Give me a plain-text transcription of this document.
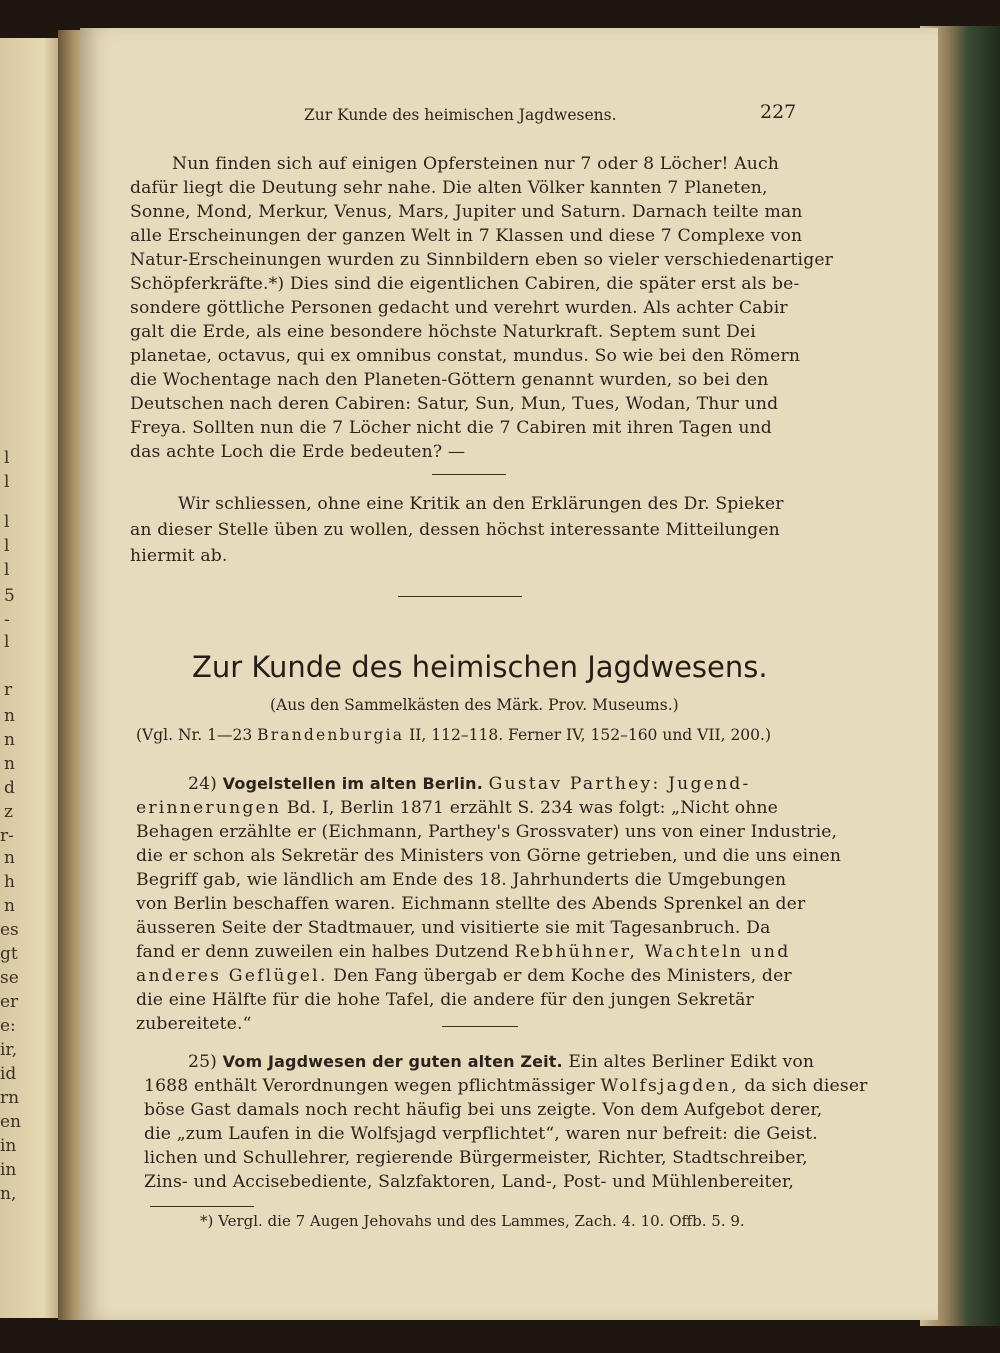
l
l
l
l
l
5
-
l
r
n
n
n
d
z
r-
n
h
n
es
gt
se
er
e:
ir,
id
rn
en
in
in
n,
Zur Kunde des heimischen Jagdwesens.	227
Nun finden sich auf einigen Opfersteinen nur 7 oder 8 Löcher! Auch
dafür liegt die Deutung sehr nahe. Die alten Völker kannten 7 Planeten,
Sonne, Mond, Merkur, Venus, Mars, Jupiter und Saturn. Darnach teilte man
alle Erscheinungen der ganzen Welt in 7 Klassen und diese 7 Complexe von
Natur-Erscheinungen wurden zu Sinnbildern eben so vieler verschiedenartiger
Schöpferkräfte.*) Dies sind die eigentlichen Cabiren, die später erst als be-
sondere göttliche Personen gedacht und verehrt wurden. Als achter Cabir
galt die Erde, als eine besondere höchste Naturkraft. Septem sunt Dei
planetae, octavus, qui ex omnibus constat, mundus. So wie bei den Römern
die Wochentage nach den Planeten-Göttern genannt wurden, so bei den
Deutschen nach deren Cabiren: Satur, Sun, Mun, Tues, Wodan, Thur und
Freya. Sollten nun die 7 Löcher nicht die 7 Cabiren mit ihren Tagen und
das achte Loch die Erde bedeuten? —
Wir schliessen, ohne eine Kritik an den Erklärungen des Dr. Spieker
an dieser Stelle üben zu wollen, dessen höchst interessante Mitteilungen
hiermit ab.
Zur Kunde des heimischen Jagdwesens.
(Aus den Sammelkästen des Märk. Prov. Museums.)
(Vgl. Nr. 1—23 Brandenburgia II, 112–118. Ferner IV, 152–160 und VII, 200.)
24) Vogelstellen im alten Berlin. Gustav Parthey: Jugend-
erinnerungen Bd. I, Berlin 1871 erzählt S. 234 was folgt: „Nicht ohne
Behagen erzählte er (Eichmann, Parthey's Grossvater) uns von einer Industrie,
die er schon als Sekretär des Ministers von Görne getrieben, und die uns einen
Begriff gab, wie ländlich am Ende des 18. Jahrhunderts die Umgebungen
von Berlin beschaffen waren. Eichmann stellte des Abends Sprenkel an der
äusseren Seite der Stadtmauer, und visitierte sie mit Tagesanbruch. Da
fand er denn zuweilen ein halbes Dutzend Rebhühner, Wachteln und
anderes Geflügel. Den Fang übergab er dem Koche des Ministers, der
die eine Hälfte für die hohe Tafel, die andere für den jungen Sekretär
zubereitete.“
25) Vom Jagdwesen der guten alten Zeit. Ein altes Berliner Edikt von
1688 enthält Verordnungen wegen pflichtmässiger Wolfsjagden, da sich dieser
böse Gast damals noch recht häufig bei uns zeigte. Von dem Aufgebot derer,
die „zum Laufen in die Wolfsjagd verpflichtet“, waren nur befreit: die Geist.
lichen und Schullehrer, regierende Bürgermeister, Richter, Stadtschreiber,
Zins- und Accisebediente, Salzfaktoren, Land-, Post- und Mühlenbereiter,
*) Vergl. die 7 Augen Jehovahs und des Lammes, Zach. 4. 10. Offb. 5. 9.
